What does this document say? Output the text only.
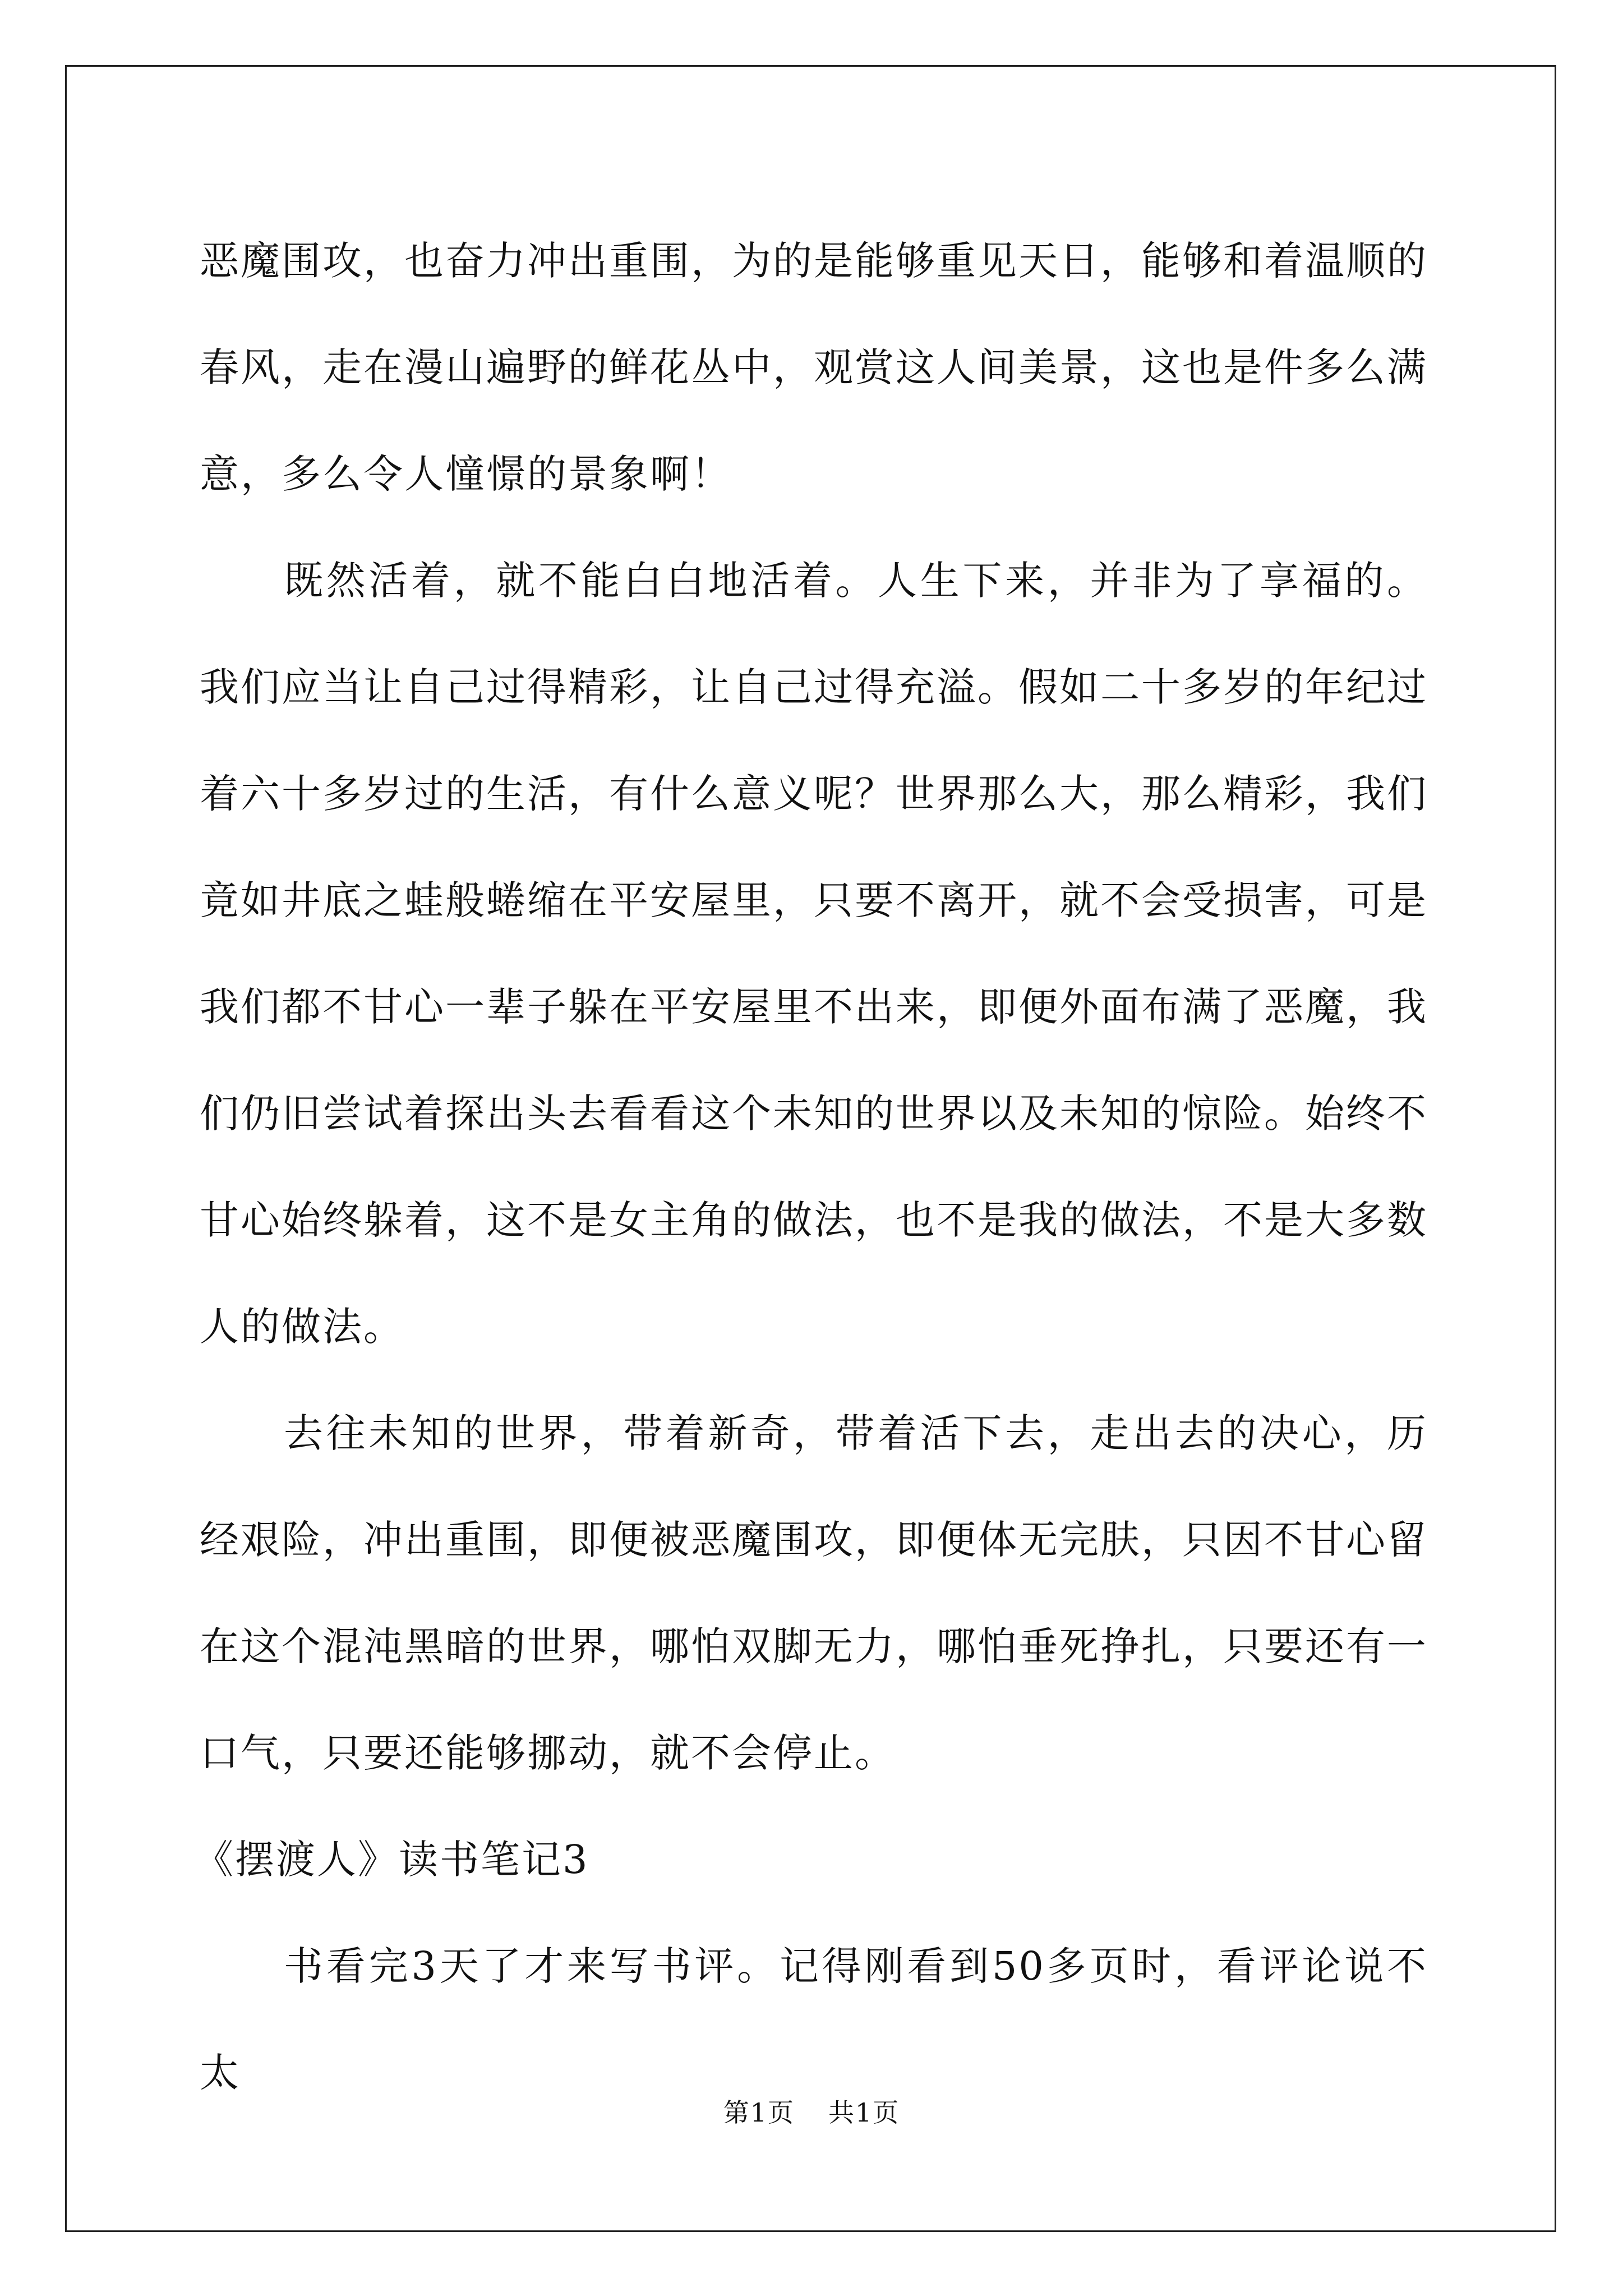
恶魔围攻，也奋力冲出重围，为的是能够重见天日，能够和着温顺的春风，走在漫山遍野的鲜花丛中，观赏这人间美景，这也是件多么满意，多么令人憧憬的景象啊！

既然活着，就不能白白地活着。人生下来，并非为了享福的。我们应当让自己过得精彩，让自己过得充溢。假如二十多岁的年纪过着六十多岁过的生活，有什么意义呢？世界那么大，那么精彩，我们竟如井底之蛙般蜷缩在平安屋里，只要不离开，就不会受损害，可是我们都不甘心一辈子躲在平安屋里不出来，即便外面布满了恶魔，我们仍旧尝试着探出头去看看这个未知的世界以及未知的惊险。始终不甘心始终躲着，这不是女主角的做法，也不是我的做法，不是大多数人的做法。

去往未知的世界，带着新奇，带着活下去，走出去的决心，历经艰险，冲出重围，即便被恶魔围攻，即便体无完肤，只因不甘心留在这个混沌黑暗的世界，哪怕双脚无力，哪怕垂死挣扎，只要还有一口气，只要还能够挪动，就不会停止。

《摆渡人》读书笔记3

书看完3天了才来写书评。记得刚看到50多页时，看评论说不太

第1页 共1页
